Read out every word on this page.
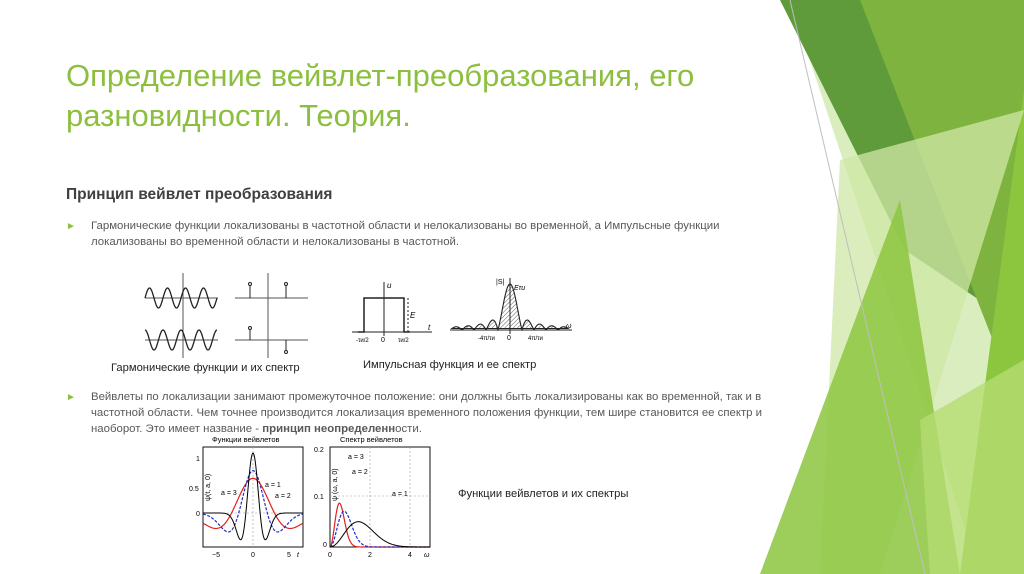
Определение вейвлет-преобразования, его разновидности. Теория.
Принцип вейвлет преобразования
► Гармонические функции локализованы в частотной области и нелокализованы во временной, а Импульсные функции локализованы во временной области и нелокализованы в частотной.
u
E
t
0
-τи/2	τи/2
|S|
Eτи
0
-4π/τи	4π/τи
ω
Гармонические функции и их спектр	Импульсная функция и ее спектр
► Вейвлеты по локализации занимают промежуточное положение: они должны быть локализированы как во временной, так и в частотной области. Чем точнее производится локализация временного положения функции, тем шире становится ее спектр и наоборот. Это имеет название - принцип неопределенности.
Функции вейвлетов
ψ(t, a, 0)
1
0.5
0
a = 3
a = 1
a = 2
−5	0	5 t
Спектр вейвлетов
ψ (ω, a, 0)
0.2
0.1
0
a = 3
a = 2
a = 1
0	2	4 ω
Функции вейвлетов и их спектры
